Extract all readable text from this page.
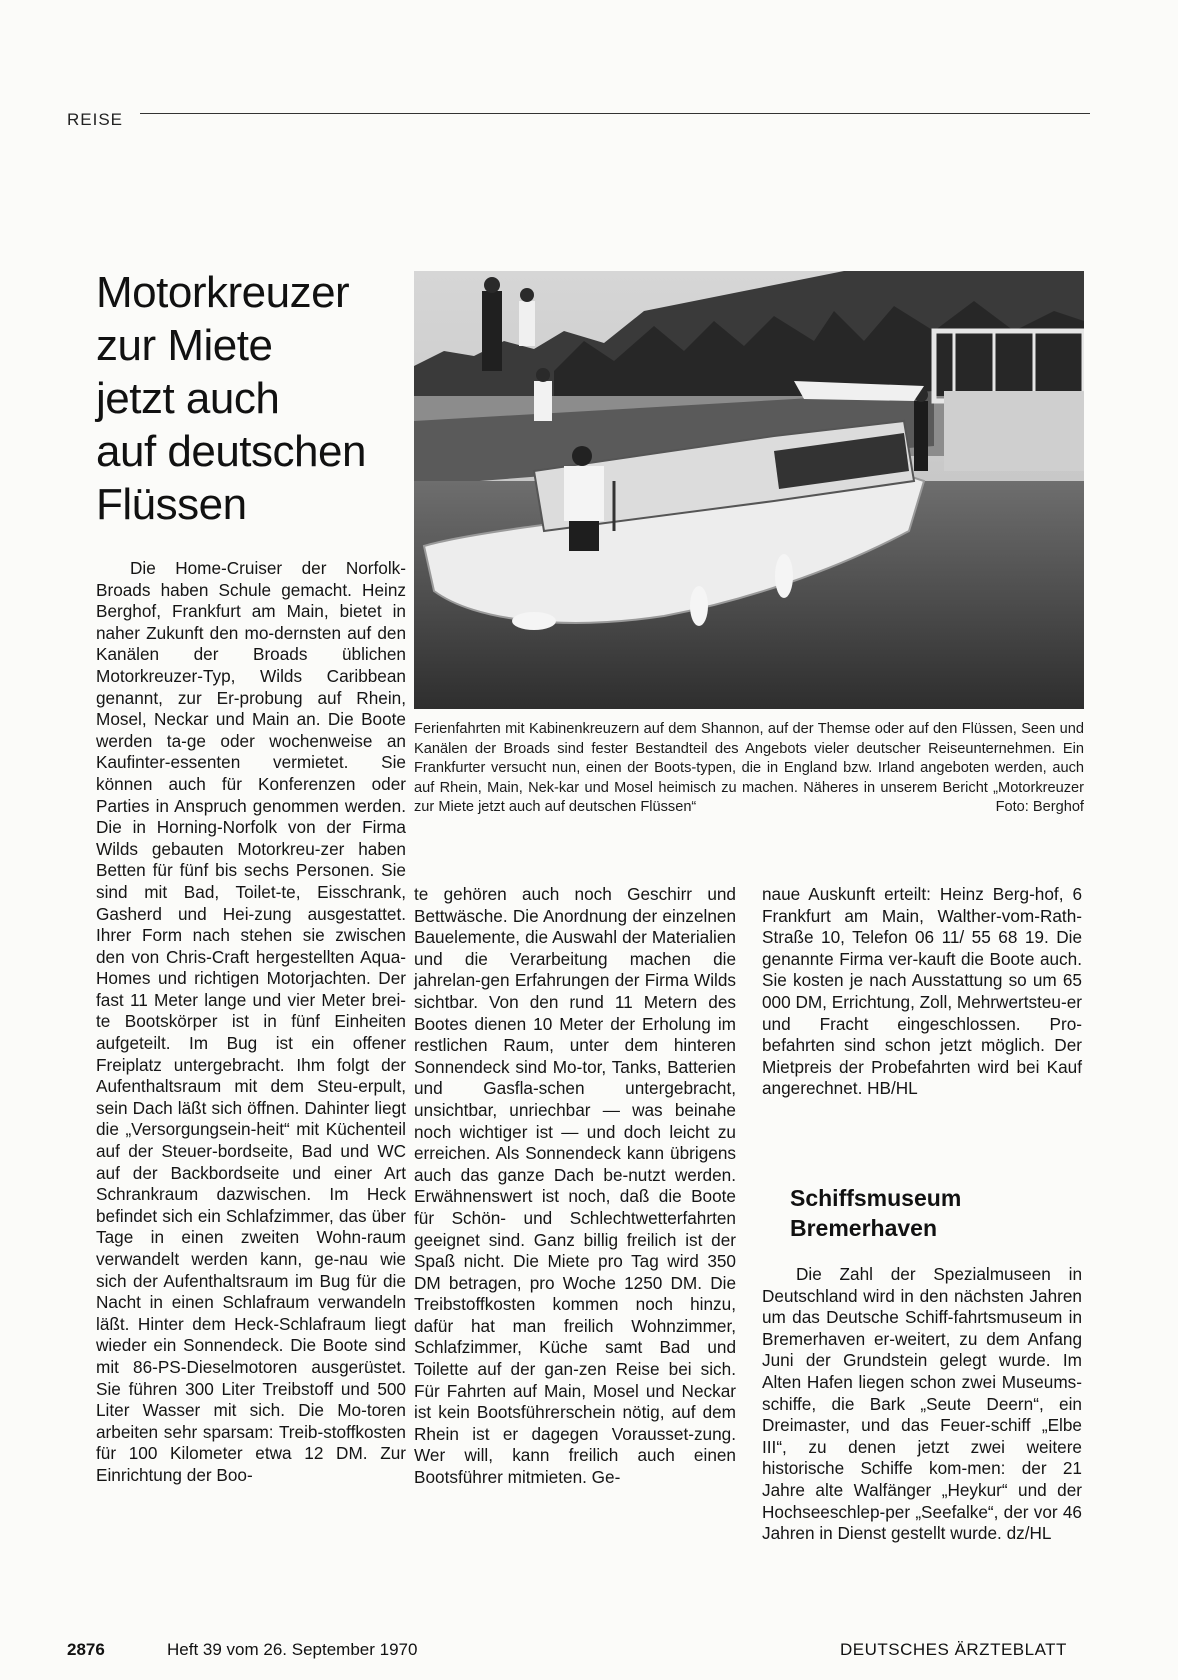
REISE
Motorkreuzer
zur Miete
jetzt auch
auf deutschen
Flüssen
Ferienfahrten mit Kabinenkreuzern auf dem Shannon, auf der Themse oder auf den Flüssen, Seen und Kanälen der Broads sind fester Bestandteil des Angebots vieler deutscher Reiseunternehmen. Ein Frankfurter versucht nun, einen der Boots-typen, die in England bzw. Irland angeboten werden, auch auf Rhein, Main, Nek-kar und Mosel heimisch zu machen. Näheres in unserem Bericht „Motorkreuzer zur Miete jetzt auch auf deutschen Flüssen“	Foto: Berghof
Die Home-Cruiser der Norfolk-Broads haben Schule gemacht. Heinz Berghof, Frankfurt am Main, bietet in naher Zukunft den mo-dernsten auf den Kanälen der Broads üblichen Motorkreuzer-Typ, Wilds Caribbean genannt, zur Er-probung auf Rhein, Mosel, Neckar und Main an. Die Boote werden ta-ge oder wochenweise an Kaufinter-essenten vermietet. Sie können auch für Konferenzen oder Parties in Anspruch genommen werden. Die in Horning-Norfolk von der Firma Wilds gebauten Motorkreu-zer haben Betten für fünf bis sechs Personen. Sie sind mit Bad, Toilet-te, Eisschrank, Gasherd und Hei-zung ausgestattet. Ihrer Form nach stehen sie zwischen den von Chris-Craft hergestellten Aqua-Homes und richtigen Motorjachten. Der fast 11 Meter lange und vier Meter brei-te Bootskörper ist in fünf Einheiten aufgeteilt. Im Bug ist ein offener Freiplatz untergebracht. Ihm folgt der Aufenthaltsraum mit dem Steu-erpult, sein Dach läßt sich öffnen. Dahinter liegt die „Versorgungsein-heit“ mit Küchenteil auf der Steuer-bordseite, Bad und WC auf der Backbordseite und einer Art Schrankraum dazwischen. Im Heck befindet sich ein Schlafzimmer, das über Tage in einen zweiten Wohn-raum verwandelt werden kann, ge-nau wie sich der Aufenthaltsraum im Bug für die Nacht in einen Schlafraum verwandeln läßt. Hinter dem Heck-Schlafraum liegt wieder ein Sonnendeck. Die Boote sind mit 86-PS-Dieselmotoren ausgerüstet. Sie führen 300 Liter Treibstoff und 500 Liter Wasser mit sich. Die Mo-toren arbeiten sehr sparsam: Treib-stoffkosten für 100 Kilometer etwa 12 DM. Zur Einrichtung der Boo-
te gehören auch noch Geschirr und Bettwäsche. Die Anordnung der einzelnen Bauelemente, die Auswahl der Materialien und die Verarbeitung machen die jahrelan-gen Erfahrungen der Firma Wilds sichtbar. Von den rund 11 Metern des Bootes dienen 10 Meter der Erholung im restlichen Raum, unter dem hinteren Sonnendeck sind Mo-tor, Tanks, Batterien und Gasfla-schen untergebracht, unsichtbar, unriechbar — was beinahe noch wichtiger ist — und doch leicht zu erreichen. Als Sonnendeck kann übrigens auch das ganze Dach be-nutzt werden. Erwähnenswert ist noch, daß die Boote für Schön- und Schlechtwetterfahrten geeignet sind. Ganz billig freilich ist der Spaß nicht. Die Miete pro Tag wird 350 DM betragen, pro Woche 1250 DM. Die Treibstoffkosten kommen noch hinzu, dafür hat man freilich Wohnzimmer, Schlafzimmer, Küche samt Bad und Toilette auf der gan-zen Reise bei sich. Für Fahrten auf Main, Mosel und Neckar ist kein Bootsführerschein nötig, auf dem Rhein ist er dagegen Vorausset-zung. Wer will, kann freilich auch einen Bootsführer mitmieten. Ge-
naue Auskunft erteilt: Heinz Berg-hof, 6 Frankfurt am Main, Walther-vom-Rath-Straße 10, Telefon 06 11/ 55 68 19. Die genannte Firma ver-kauft die Boote auch. Sie kosten je nach Ausstattung so um 65 000 DM, Errichtung, Zoll, Mehrwertsteu-er und Fracht eingeschlossen. Pro-befahrten sind schon jetzt möglich. Der Mietpreis der Probefahrten wird bei Kauf angerechnet. HB/HL
Schiffsmuseum
Bremerhaven
Die Zahl der Spezialmuseen in Deutschland wird in den nächsten Jahren um das Deutsche Schiff-fahrtsmuseum in Bremerhaven er-weitert, zu dem Anfang Juni der Grundstein gelegt wurde. Im Alten Hafen liegen schon zwei Museums-schiffe, die Bark „Seute Deern“, ein Dreimaster, und das Feuer-schiff „Elbe III“, zu denen jetzt zwei weitere historische Schiffe kom-men: der 21 Jahre alte Walfänger „Heykur“ und der Hochseeschlep-per „Seefalke“, der vor 46 Jahren in Dienst gestellt wurde. dz/HL
2876	Heft 39 vom 26. September 1970	DEUTSCHES ÄRZTEBLATT
